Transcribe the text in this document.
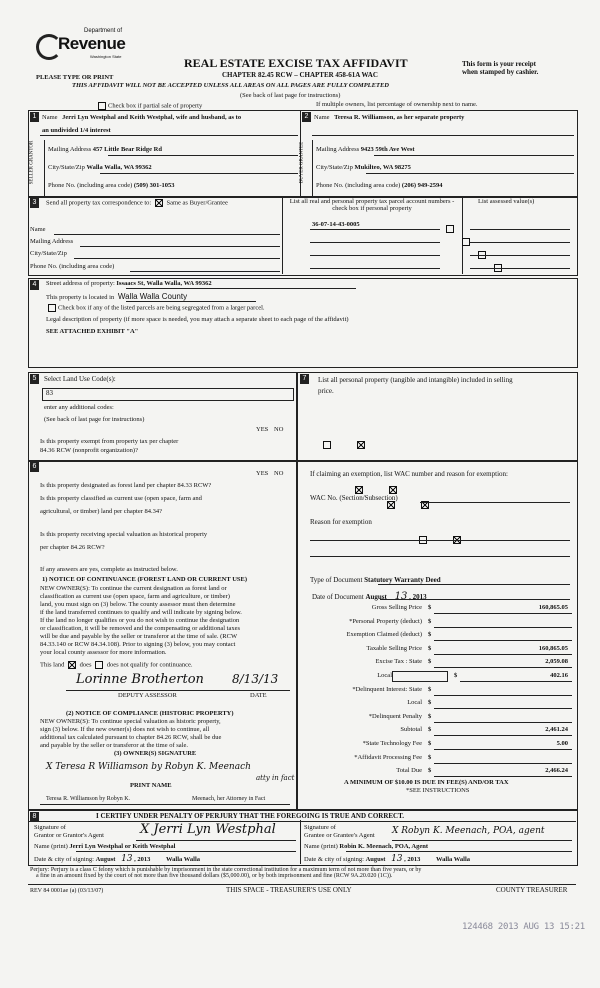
Department of
Revenue
Washington State
PLEASE TYPE OR PRINT
REAL ESTATE EXCISE TAX AFFIDAVIT
CHAPTER 82.45 RCW – CHAPTER 458-61A WAC
THIS AFFIDAVIT WILL NOT BE ACCEPTED UNLESS ALL AREAS ON ALL PAGES ARE FULLY COMPLETED
(See back of last page for instructions)
This form is your receipt
when stamped by cashier.
Check box if partial sale of property	If multiple owners, list percentage of ownership next to name.
1	2
SELLER GRANTOR	BUYER GRANTEE
Name Jerri Lyn Westphal and Keith Westphal, wife and husband, as to
an undivided 1/4 interest
Mailing Address 457 Little Bear Ridge Rd
City/State/Zip Walla Walla, WA 99362
Phone No. (including area code) (509) 301-1053
Name Teresa R. Williamson, as her separate property
Mailing Address 9423 59th Ave West
City/State/Zip Mukilteo, WA 98275
Phone No. (including area code) (206) 949-2594
3	Send all property tax correspondence to: Same as Buyer/Grantee
Name
Mailing Address
City/State/Zip
Phone No. (including area code)
List all real and personal property tax parcel account numbers - check box if personal property
List assessed value(s)
36-07-14-43-0005

4	Street address of property: Issaacs St, Walla Walla, WA 99362
This property is located in Walla Walla County
Check box if any of the listed parcels are being segregated from a larger parcel.
Legal description of property (if more space is needed, you may attach a separate sheet to each page of the affidavit)
SEE ATTACHED EXHIBIT "A"
5	Select Land Use Code(s):
83
enter any additional codes:
(See back of last page for instructions)
YES NO
Is this property exempt from property tax per chapter
84.36 RCW (nonprofit organization)?

7	List all personal property (tangible and intangible) included in selling
price.
6
YES NO
Is this property designated as forest land per chapter 84.33 RCW?

Is this property classified as current use (open space, farm and
agricultural, or timber) land per chapter 84.34?

Is this property receiving special valuation as historical property
per chapter 84.26 RCW?

If any answers are yes, complete as instructed below.
1) NOTICE OF CONTINUANCE (FOREST LAND OR CURRENT USE)
NEW OWNER(S): To continue the current designation as forest land or
classification as current use (open space, farm and agriculture, or timber)
land, you must sign on (3) below. The county assessor must then determine
if the land transferred continues to qualify and will indicate by signing below.
If the land no longer qualifies or you do not wish to continue the designation
or classification, it will be removed and the compensating or additional taxes
will be due and payable by the seller or transferor at the time of sale. (RCW
84.33.140 or RCW 84.34.108). Prior to signing (3) below, you may contact
your local county assessor for more information.
This land does does not qualify for continuance.
Lorinne Brotherton 8/13/13
DEPUTY ASSESSOR	DATE
(2) NOTICE OF COMPLIANCE (HISTORIC PROPERTY)
NEW OWNER(S): To continue special valuation as historic property,
sign (3) below. If the new owner(s) does not wish to continue, all
additional tax calculated pursuant to chapter 84.26 RCW, shall be due
and payable by the seller or transferor at the time of sale.
(3) OWNER(S) SIGNATURE
X Teresa R Williamson by Robyn K. Meenach
atty in fact
PRINT NAME
Teresa R. Williamson by Robyn K.	Meenach, her Attorney in Fact
If claiming an exemption, list WAC number and reason for exemption:
WAC No. (Section/Subsection)
Reason for exemption
Type of Document Statutory Warranty Deed
Date of Document August 13 , 2013
Gross Selling Price $	160,865.05
*Personal Property (deduct) $
Exemption Claimed (deduct) $
Taxable Selling Price $	160,865.05
Excise Tax : State $	2,059.08
Local	$	402.16
*Delinquent Interest: State $
Local $
*Delinquent Penalty $
Subtotal $	2,461.24
*State Technology Fee $	5.00
*Affidavit Processing Fee $
Total Due $	2,466.24
A MINIMUM OF $10.00 IS DUE IN FEE(S) AND/OR TAX
*SEE INSTRUCTIONS
8	I CERTIFY UNDER PENALTY OF PERJURY THAT THE FOREGOING IS TRUE AND CORRECT.
Signature of
Grantor or Grantor's Agent	X Jerri Lyn Westphal
Name (print) Jerri Lyn Westphal or Keith Westphal
Date & city of signing: August 13 , 2013 Walla Walla
Signature of
Grantee or Grantee's Agent X Robyn K. Meenach, POA, agent
Name (print) Robin K. Meenach, POA, Agent
Date & city of signing: August 13 , 2013 Walla Walla
Perjury: Perjury is a class C felony which is punishable by imprisonment in the state correctional institution for a maximum term of not more than five years, or by
a fine in an amount fixed by the court of not more than five thousand dollars ($5,000.00), or by both imprisonment and fine (RCW 9A.20.020 (1C)).
REV 84 0001ae (a) (03/13/07)	THIS SPACE - TREASURER'S USE ONLY	COUNTY TREASURER
124468 2013 AUG 13 15:21
